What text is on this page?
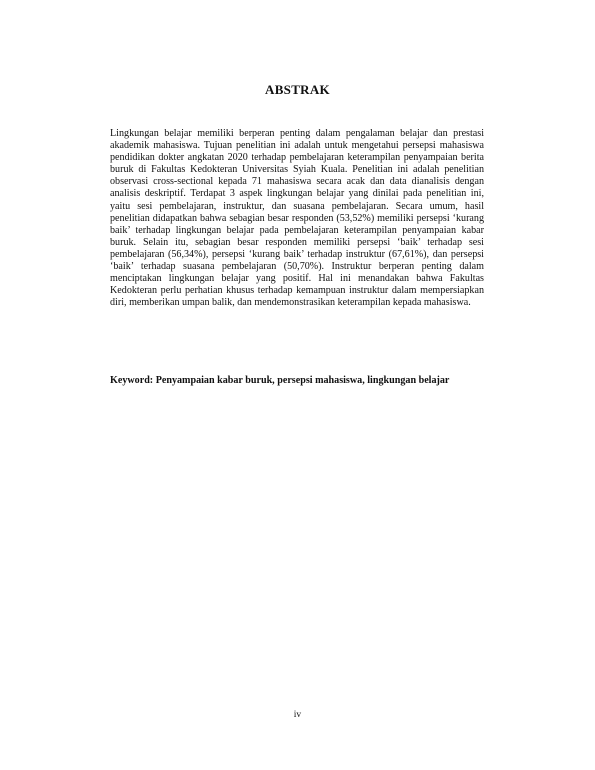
ABSTRAK

Lingkungan belajar memiliki berperan penting dalam pengalaman belajar dan prestasi akademik mahasiswa. Tujuan penelitian ini adalah untuk mengetahui persepsi mahasiswa pendidikan dokter angkatan 2020 terhadap pembelajaran keterampilan penyampaian berita buruk di Fakultas Kedokteran Universitas Syiah Kuala. Penelitian ini adalah penelitian observasi cross-sectional kepada 71 mahasiswa secara acak dan data dianalisis dengan analisis deskriptif. Terdapat 3 aspek lingkungan belajar yang dinilai pada penelitian ini, yaitu sesi pembelajaran, instruktur, dan suasana pembelajaran. Secara umum, hasil penelitian didapatkan bahwa sebagian besar responden (53,52%) memiliki persepsi ‘kurang baik’ terhadap lingkungan belajar pada pembelajaran keterampilan penyampaian kabar buruk. Selain itu, sebagian besar responden memiliki persepsi ‘baik’ terhadap sesi pembelajaran (56,34%), persepsi ‘kurang baik’ terhadap instruktur (67,61%), dan persepsi ‘baik’ terhadap suasana pembelajaran (50,70%). Instruktur berperan penting dalam menciptakan lingkungan belajar yang positif. Hal ini menandakan bahwa Fakultas Kedokteran perlu perhatian khusus terhadap kemampuan instruktur dalam mempersiapkan diri, memberikan umpan balik, dan mendemonstrasikan keterampilan kepada mahasiswa.

Keyword: Penyampaian kabar buruk, persepsi mahasiswa, lingkungan belajar
iv
